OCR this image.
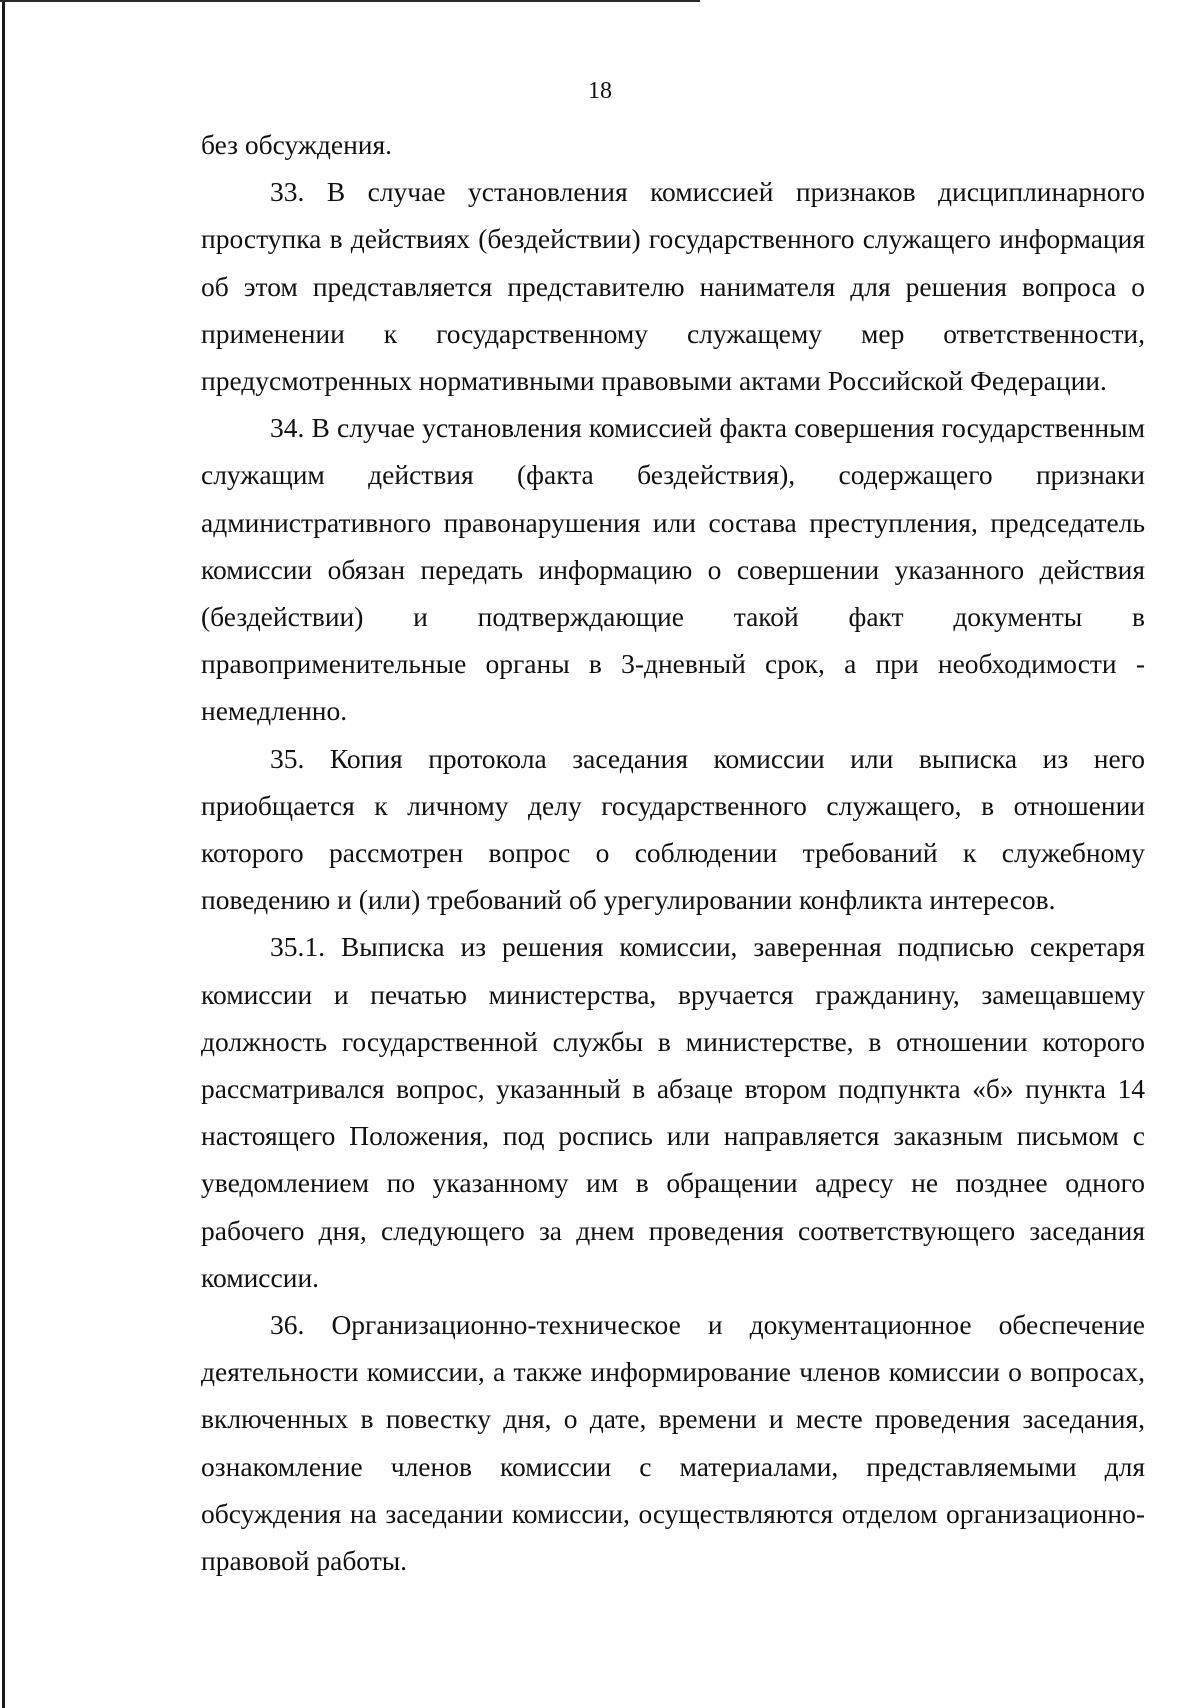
18

без обсуждения.

33. В случае установления комиссией признаков дисциплинарного проступка в действиях (бездействии) государственного служащего информация об этом представляется представителю нанимателя для решения вопроса о применении к государственному служащему мер ответственности, предусмотренных нормативными правовыми актами Российской Федерации.

34. В случае установления комиссией факта совершения государственным служащим действия (факта бездействия), содержащего признаки административного правонарушения или состава преступления, председатель комиссии обязан передать информацию о совершении указанного действия (бездействии) и подтверждающие такой факт документы в правоприменительные органы в 3-дневный срок, а при необходимости - немедленно.

35. Копия протокола заседания комиссии или выписка из него приобщается к личному делу государственного служащего, в отношении которого рассмотрен вопрос о соблюдении требований к служебному поведению и (или) требований об урегулировании конфликта интересов.

35.1. Выписка из решения комиссии, заверенная подписью секретаря комиссии и печатью министерства, вручается гражданину, замещавшему должность государственной службы в министерстве, в отношении которого рассматривался вопрос, указанный в абзаце втором подпункта «б» пункта 14 настоящего Положения, под роспись или направляется заказным письмом с уведомлением по указанному им в обращении адресу не позднее одного рабочего дня, следующего за днем проведения соответствующего заседания комиссии.

36. Организационно-техническое и документационное обеспечение деятельности комиссии, а также информирование членов комиссии о вопросах, включенных в повестку дня, о дате, времени и месте проведения заседания, ознакомление членов комиссии с материалами, представляемыми для обсуждения на заседании комиссии, осуществляются отделом организационно-правовой работы.
